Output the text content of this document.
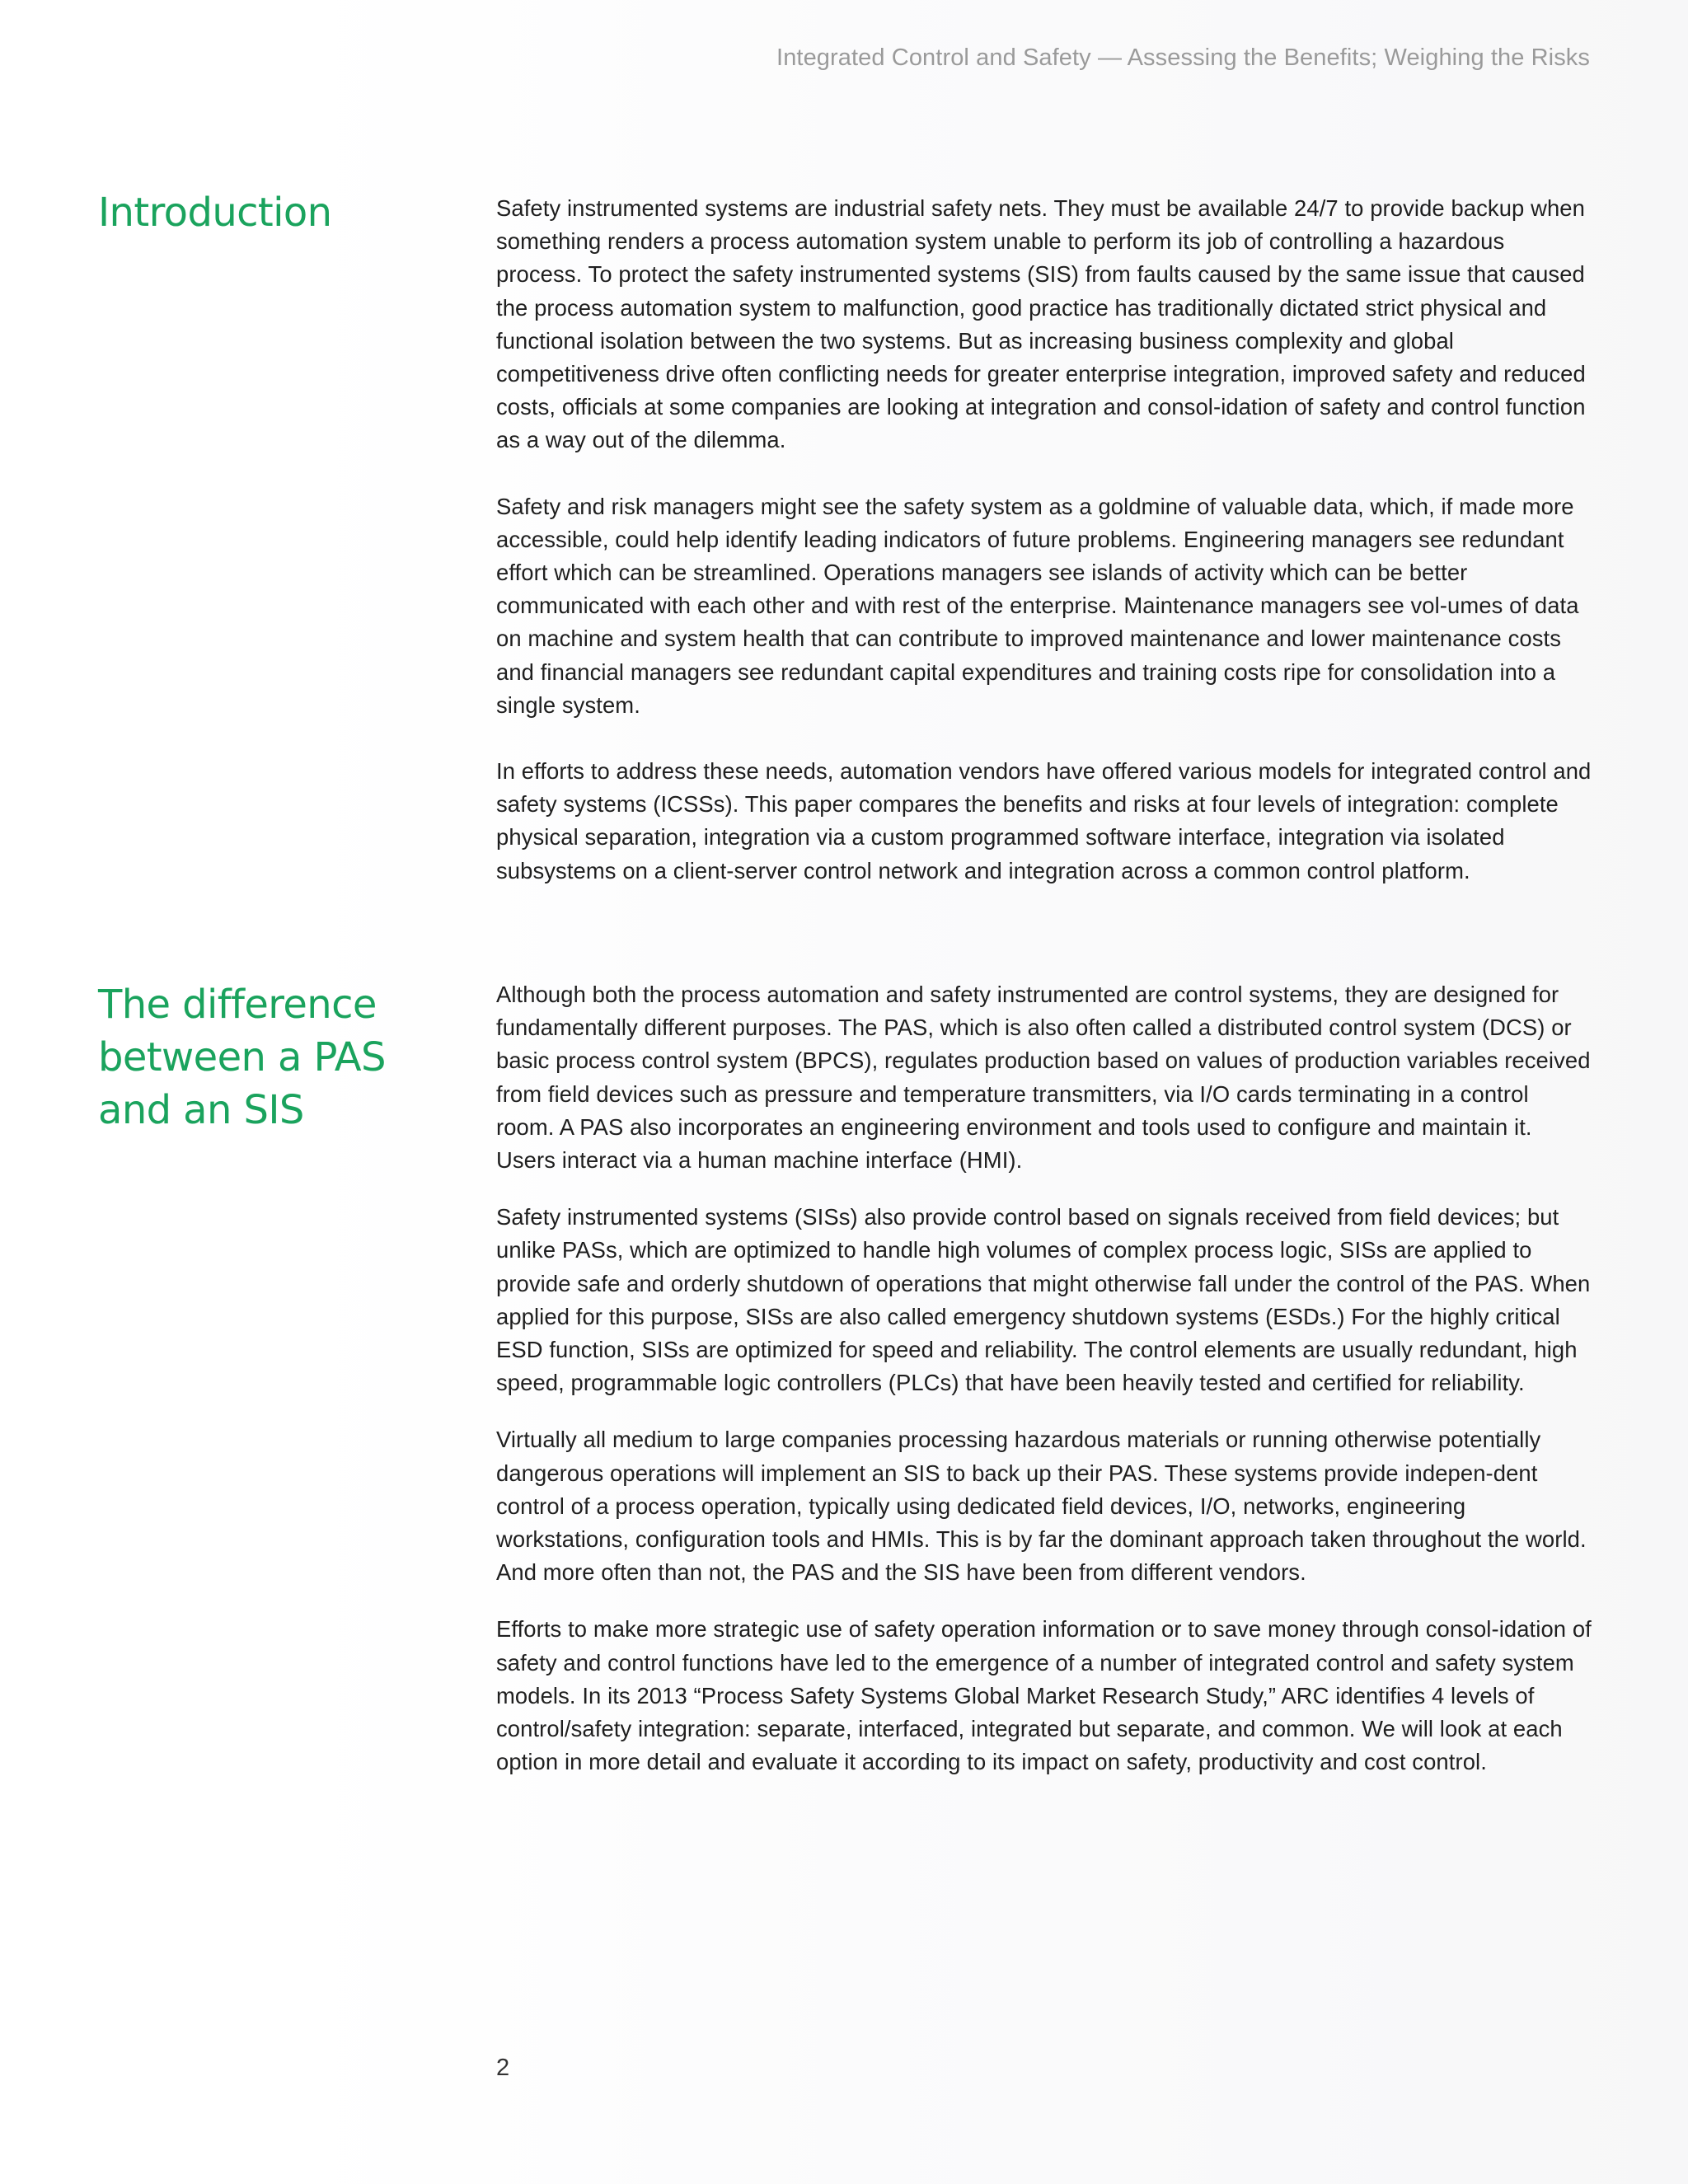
Integrated Control and Safety — Assessing the Benefits; Weighing the Risks
Introduction	Safety instrumented systems are industrial safety nets. They must be available 24/7 to provide backup when something renders a process automation system unable to perform its job of controlling a hazardous process. To protect the safety instrumented systems (SIS) from faults caused by the same issue that caused the process automation system to malfunction, good practice has traditionally dictated strict physical and functional isolation between the two systems. But as increasing business complexity and global competitiveness drive often conflicting needs for greater enterprise integration, improved safety and reduced costs, officials at some companies are looking at integration and consol-idation of safety and control function as a way out of the dilemma.

Safety and risk managers might see the safety system as a goldmine of valuable data, which, if made more accessible, could help identify leading indicators of future problems. Engineering managers see redundant effort which can be streamlined. Operations managers see islands of activity which can be better communicated with each other and with rest of the enterprise. Maintenance managers see vol-umes of data on machine and system health that can contribute to improved maintenance and lower maintenance costs and financial managers see redundant capital expenditures and training costs ripe for consolidation into a single system.

In efforts to address these needs, automation vendors have offered various models for integrated control and safety systems (ICSSs). This paper compares the benefits and risks at four levels of integration: complete physical separation, integration via a custom programmed software interface, integration via isolated subsystems on a client-server control network and integration across a common control platform.

The difference between a PAS and an SIS

Although both the process automation and safety instrumented are control systems, they are designed for fundamentally different purposes. The PAS, which is also often called a distributed control system (DCS) or basic process control system (BPCS), regulates production based on values of production variables received from field devices such as pressure and temperature transmitters, via I/O cards terminating in a control room. A PAS also incorporates an engineering environment and tools used to configure and maintain it. Users interact via a human machine interface (HMI).

Safety instrumented systems (SISs) also provide control based on signals received from field devices; but unlike PASs, which are optimized to handle high volumes of complex process logic, SISs are applied to provide safe and orderly shutdown of operations that might otherwise fall under the control of the PAS. When applied for this purpose, SISs are also called emergency shutdown systems (ESDs.) For the highly critical ESD function, SISs are optimized for speed and reliability. The control elements are usually redundant, high speed, programmable logic controllers (PLCs) that have been heavily tested and certified for reliability.

Virtually all medium to large companies processing hazardous materials or running otherwise potentially dangerous operations will implement an SIS to back up their PAS. These systems provide indepen-dent control of a process operation, typically using dedicated field devices, I/O, networks, engineering workstations, configuration tools and HMIs. This is by far the dominant approach taken throughout the world. And more often than not, the PAS and the SIS have been from different vendors.

Efforts to make more strategic use of safety operation information or to save money through consol-idation of safety and control functions have led to the emergence of a number of integrated control and safety system models. In its 2013 “Process Safety Systems Global Market Research Study,” ARC identifies 4 levels of control/safety integration: separate, interfaced, integrated but separate, and common. We will look at each option in more detail and evaluate it according to its impact on safety, productivity and cost control.

2
